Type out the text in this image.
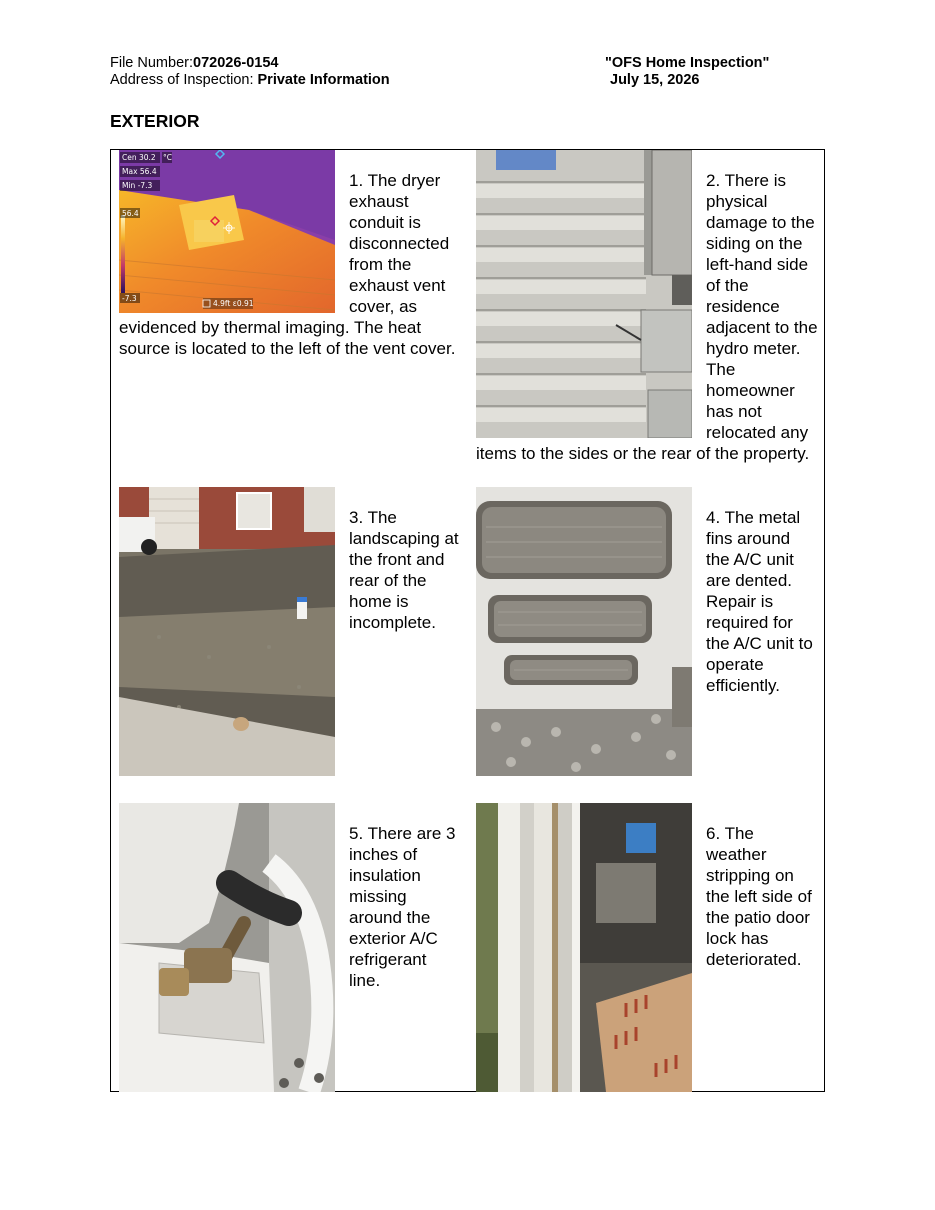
File Number:072026-0154
Address of Inspection: Private Information
"OFS Home Inspection"
July 15, 2026
EXTERIOR
Cen 30.2 °C
Max 56.4
Min -7.3
56.4
-7.3
4.9ft ε0.91

1. The dryer exhaust conduit is disconnected from the exhaust vent cover, as evidenced by thermal imaging. The heat source is located to the left of the vent cover.

2. There is physical damage to the siding on the left-hand side of the residence adjacent to the hydro meter. The homeowner has not relocated any items to the sides or the rear of the property.

3. The landscaping at the front and rear of the home is incomplete.

4. The metal fins around the A/C unit are dented. Repair is required for the A/C unit to operate efficiently.

5. There are 3 inches of insulation missing around the exterior A/C refrigerant line.

6. The weather stripping on the left side of the patio door lock has deteriorated.
